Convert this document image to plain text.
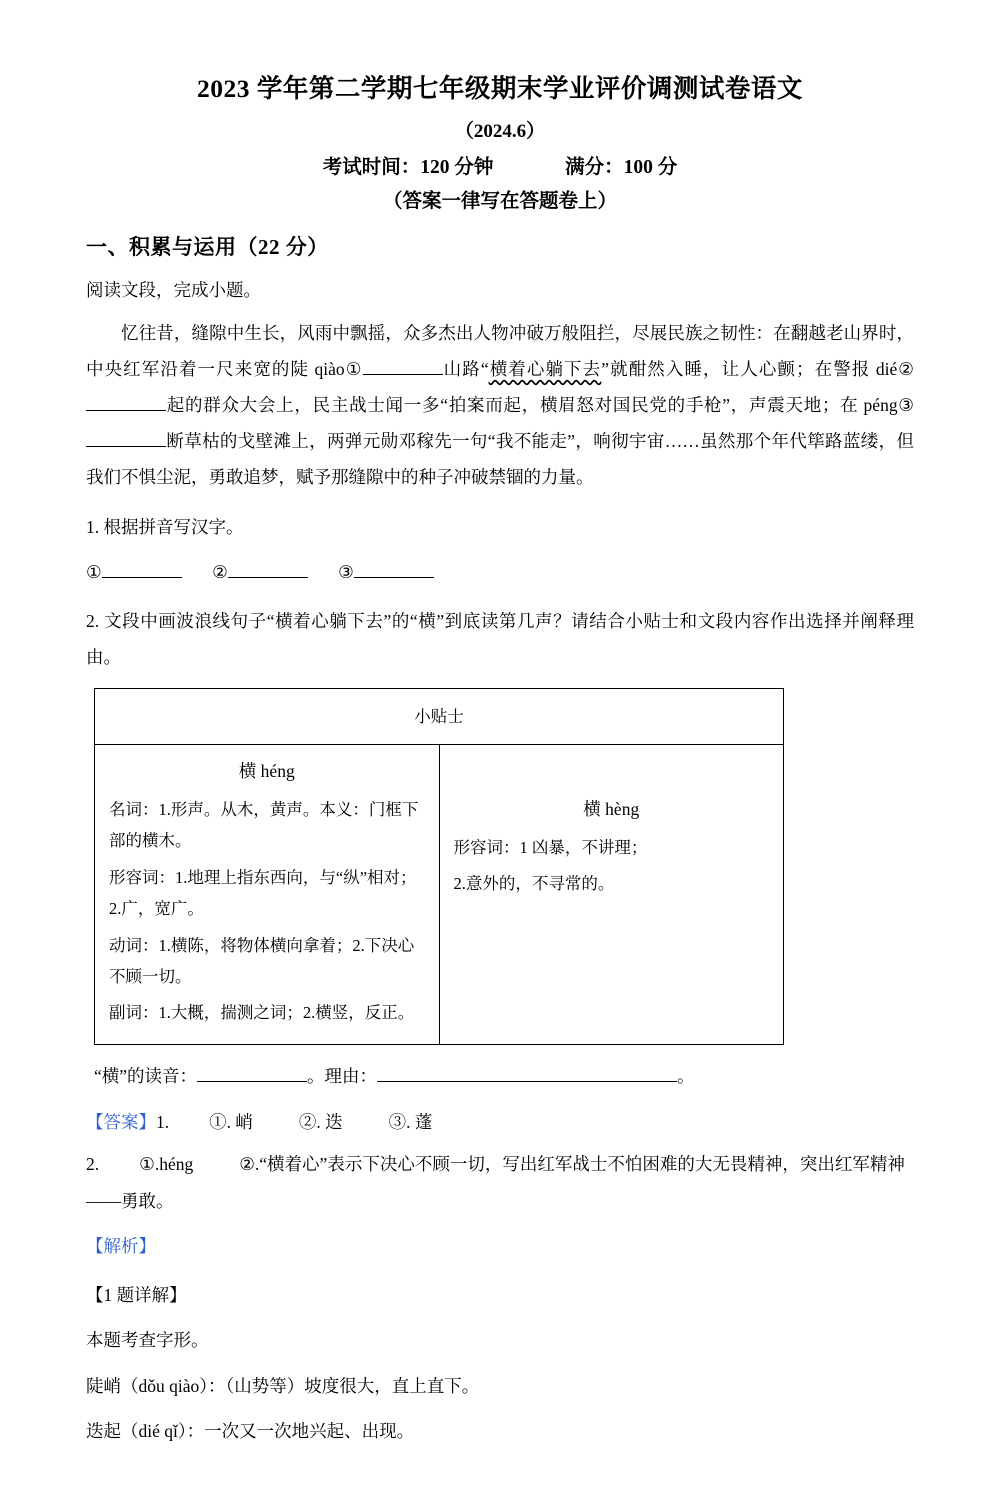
2023 学年第二学期七年级期末学业评价调测试卷语文
（2024.6）
考试时间：120 分钟	满分：100 分
（答案一律写在答题卷上）
一、积累与运用（22 分）
阅读文段，完成小题。
忆往昔，缝隙中生长，风雨中飘摇，众多杰出人物冲破万般阻拦，尽展民族之韧性：在翻越老山界时，中央红军沿着一尺来宽的陡 qiào①	山路“横着心躺下去”就酣然入睡，让人心颤；在警报 dié②起的群众大会上，民主战士闻一多“拍案而起，横眉怒对国民党的手枪”，声震天地；在 péng③断草枯的戈壁滩上，两弹元勋邓稼先一句“我不能走”，响彻宇宙……虽然那个年代筚路蓝缕，但我们不惧尘泥，勇敢追梦，赋予那缝隙中的种子冲破禁锢的力量。
1. 根据拼音写汉字。
①	②	③
2. 文段中画波浪线句子“横着心躺下去”的“横”到底读第几声？请结合小贴士和文段内容作出选择并阐释理由。
小贴士

横 héng
名词：1.形声。从木，黄声。本义：门框下部的横木。
形容词：1.地理上指东西向，与“纵”相对；2.广，宽广。
动词：1.横陈，将物体横向拿着；2.下决心不顾一切。
副词：1.大概，揣测之词；2.横竖，反正。

横 hèng
形容词：1 凶暴，不讲理；
2.意外的，不寻常的。
“横”的读音：	。理由：	。
【答案】1. ①. 峭	②. 迭	③. 蓬
2. ①.héng	②.“横着心”表示下决心不顾一切，写出红军战士不怕困难的大无畏精神，突出红军精神——勇敢。
【解析】
【1 题详解】
本题考查字形。
陡峭（dǒu qiào）：（山势等）坡度很大，直上直下。
迭起（dié qǐ）：一次又一次地兴起、出现。
